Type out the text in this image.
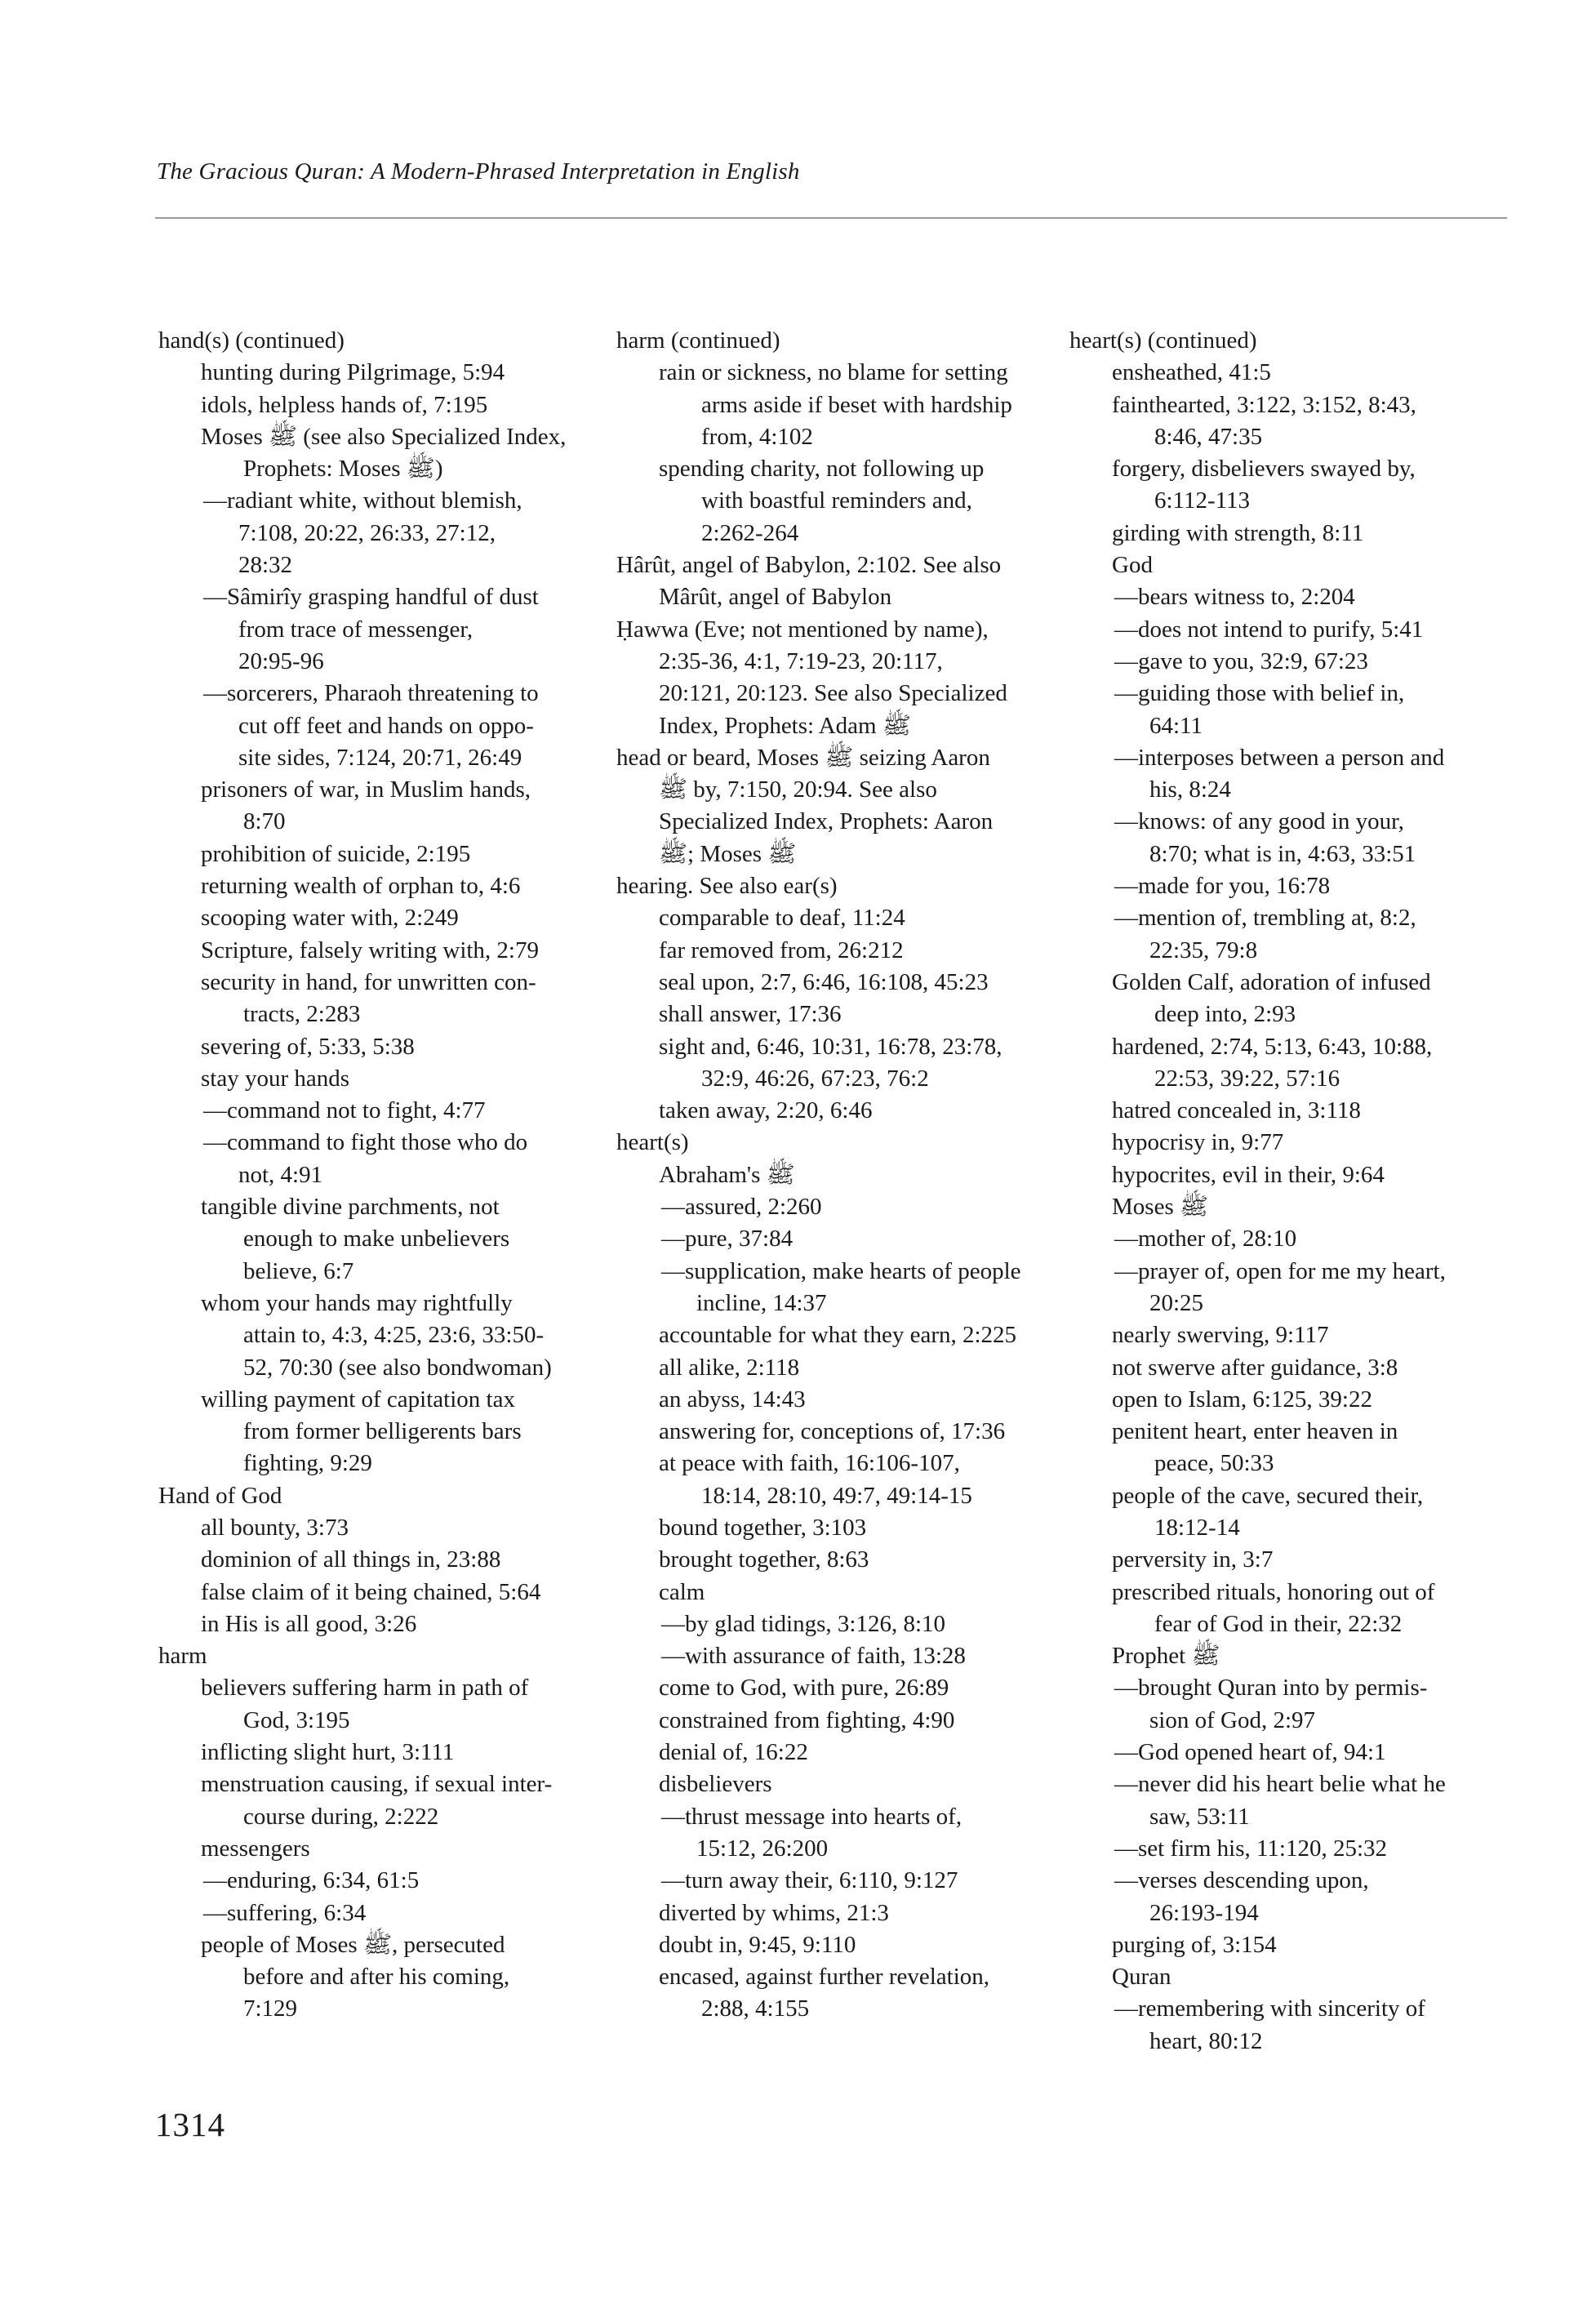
The Gracious Quran: A Modern-Phrased Interpretation in English

hand(s) (continued)

hunting during Pilgrimage, 5:94

idols, helpless hands of, 7:195

Moses ﷺ (see also Specialized Index,

Prophets: Moses ﷺ)

—radiant white, without blemish,

7:108, 20:22, 26:33, 27:12,

28:32

—Sâmirîy grasping handful of dust

from trace of messenger,

20:95-96

—sorcerers, Pharaoh threatening to

cut off feet and hands on oppo-

site sides, 7:124, 20:71, 26:49

prisoners of war, in Muslim hands,

8:70

prohibition of suicide, 2:195

returning wealth of orphan to, 4:6

scooping water with, 2:249

Scripture, falsely writing with, 2:79

security in hand, for unwritten con-

tracts, 2:283

severing of, 5:33, 5:38

stay your hands

—command not to fight, 4:77

—command to fight those who do

not, 4:91

tangible divine parchments, not

enough to make unbelievers

believe, 6:7

whom your hands may rightfully

attain to, 4:3, 4:25, 23:6, 33:50-

52, 70:30 (see also bondwoman)

willing payment of capitation tax

from former belligerents bars

fighting, 9:29

Hand of God

all bounty, 3:73

dominion of all things in, 23:88

false claim of it being chained, 5:64

in His is all good, 3:26

harm

believers suffering harm in path of

God, 3:195

inflicting slight hurt, 3:111

menstruation causing, if sexual inter-

course during, 2:222

messengers

—enduring, 6:34, 61:5

—suffering, 6:34

people of Moses ﷺ, persecuted

before and after his coming,

7:129

harm (continued)

rain or sickness, no blame for setting

arms aside if beset with hardship

from, 4:102

spending charity, not following up

with boastful reminders and,

2:262-264

Hârût, angel of Babylon, 2:102. See also

Mârût, angel of Babylon

Ḥawwa (Eve; not mentioned by name),

2:35-36, 4:1, 7:19-23, 20:117,

20:121, 20:123. See also Specialized

Index, Prophets: Adam ﷺ

head or beard, Moses ﷺ seizing Aaron

ﷺ by, 7:150, 20:94. See also

Specialized Index, Prophets: Aaron

ﷺ; Moses ﷺ

hearing. See also ear(s)

comparable to deaf, 11:24

far removed from, 26:212

seal upon, 2:7, 6:46, 16:108, 45:23

shall answer, 17:36

sight and, 6:46, 10:31, 16:78, 23:78,

32:9, 46:26, 67:23, 76:2

taken away, 2:20, 6:46

heart(s)

Abraham's ﷺ

—assured, 2:260

—pure, 37:84

—supplication, make hearts of people

incline, 14:37

accountable for what they earn, 2:225

all alike, 2:118

an abyss, 14:43

answering for, conceptions of, 17:36

at peace with faith, 16:106-107,

18:14, 28:10, 49:7, 49:14-15

bound together, 3:103

brought together, 8:63

calm

—by glad tidings, 3:126, 8:10

—with assurance of faith, 13:28

come to God, with pure, 26:89

constrained from fighting, 4:90

denial of, 16:22

disbelievers

—thrust message into hearts of,

15:12, 26:200

—turn away their, 6:110, 9:127

diverted by whims, 21:3

doubt in, 9:45, 9:110

encased, against further revelation,

2:88, 4:155

heart(s) (continued)

ensheathed, 41:5

fainthearted, 3:122, 3:152, 8:43,

8:46, 47:35

forgery, disbelievers swayed by,

6:112-113

girding with strength, 8:11

God

—bears witness to, 2:204

—does not intend to purify, 5:41

—gave to you, 32:9, 67:23

—guiding those with belief in,

64:11

—interposes between a person and

his, 8:24

—knows: of any good in your,

8:70; what is in, 4:63, 33:51

—made for you, 16:78

—mention of, trembling at, 8:2,

22:35, 79:8

Golden Calf, adoration of infused

deep into, 2:93

hardened, 2:74, 5:13, 6:43, 10:88,

22:53, 39:22, 57:16

hatred concealed in, 3:118

hypocrisy in, 9:77

hypocrites, evil in their, 9:64

Moses ﷺ

—mother of, 28:10

—prayer of, open for me my heart,

20:25

nearly swerving, 9:117

not swerve after guidance, 3:8

open to Islam, 6:125, 39:22

penitent heart, enter heaven in

peace, 50:33

people of the cave, secured their,

18:12-14

perversity in, 3:7

prescribed rituals, honoring out of

fear of God in their, 22:32

Prophet ﷺ

—brought Quran into by permis-

sion of God, 2:97

—God opened heart of, 94:1

—never did his heart belie what he

saw, 53:11

—set firm his, 11:120, 25:32

—verses descending upon,

26:193-194

purging of, 3:154

Quran

—remembering with sincerity of

heart, 80:12

1314
